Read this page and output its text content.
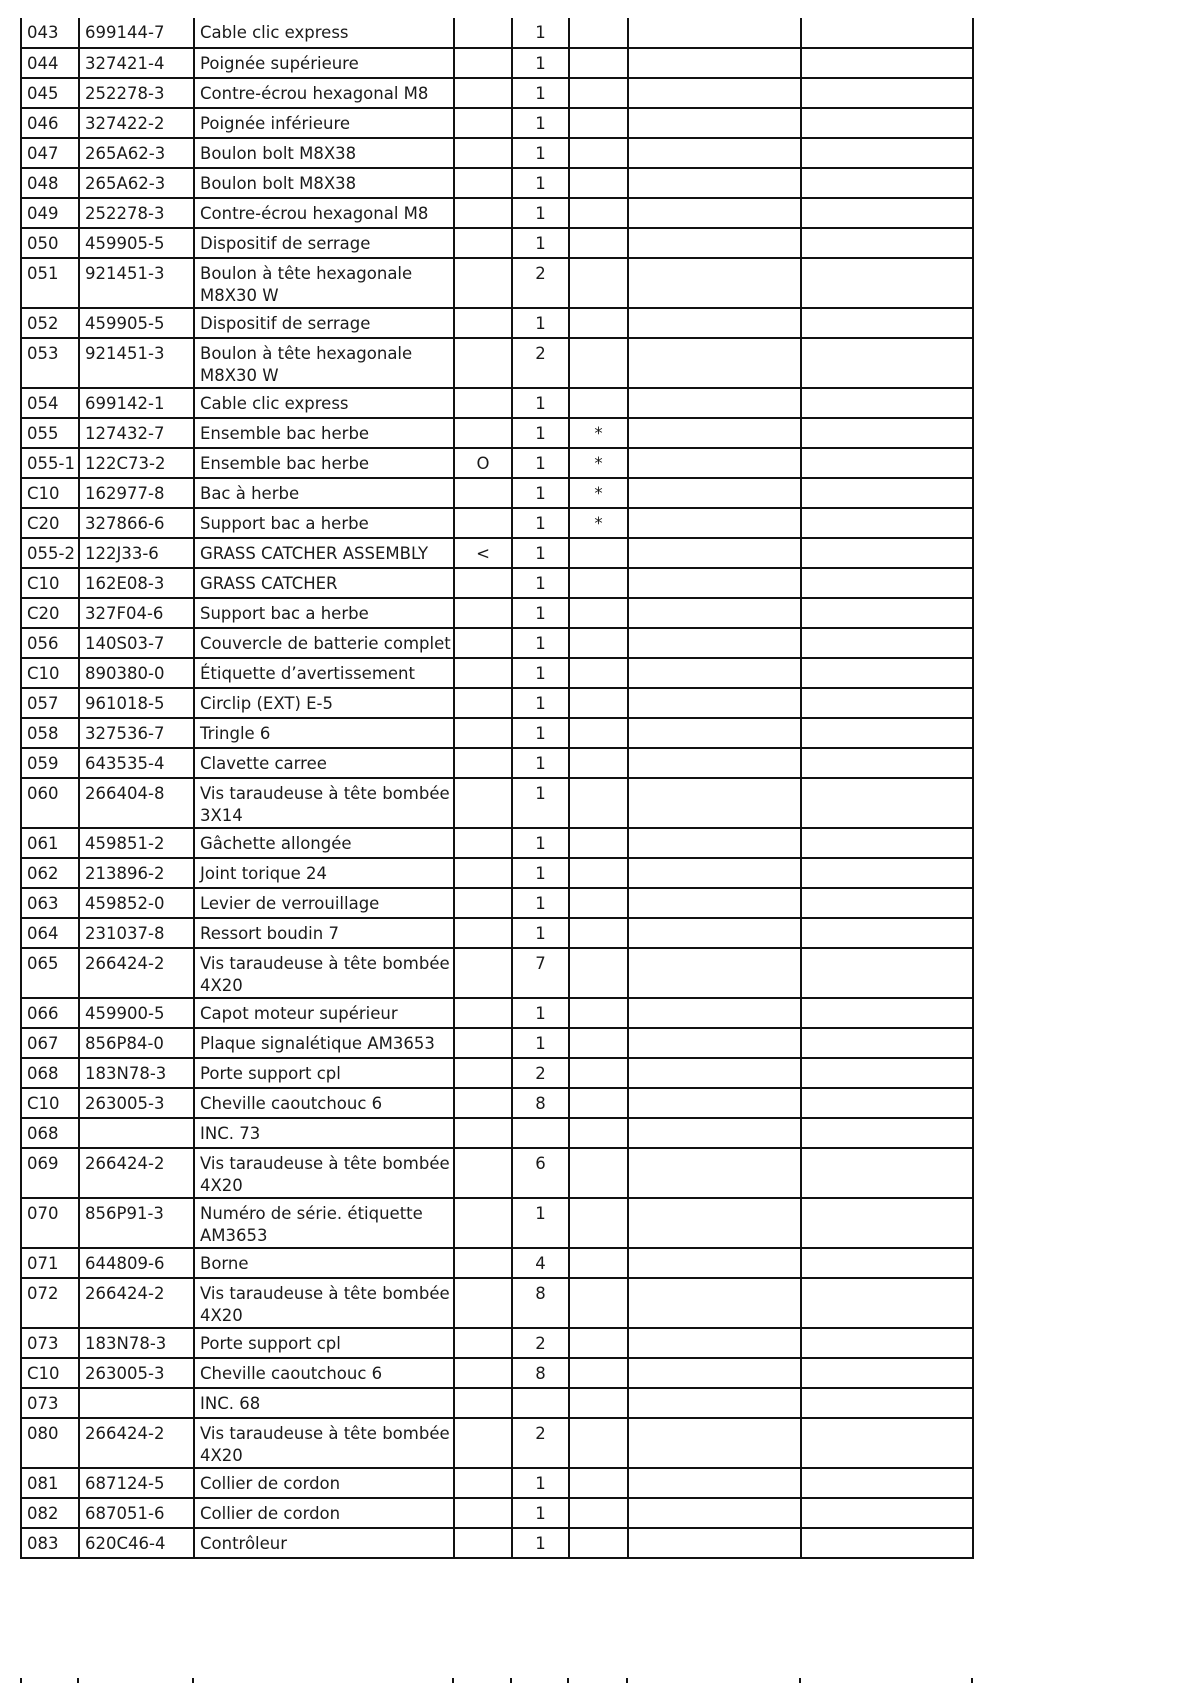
043	699144-7	Cable clic express		1			
044	327421-4	Poignée supérieure		1			
045	252278-3	Contre-écrou hexagonal M8		1			
046	327422-2	Poignée inférieure		1			
047	265A62-3	Boulon bolt M8X38		1			
048	265A62-3	Boulon bolt M8X38		1			
049	252278-3	Contre-écrou hexagonal M8		1			
050	459905-5	Dispositif de serrage		1			
051	921451-3	Boulon à tête hexagonale M8X30 W		2			
052	459905-5	Dispositif de serrage		1			
053	921451-3	Boulon à tête hexagonale M8X30 W		2			
054	699142-1	Cable clic express		1			
055	127432-7	Ensemble bac herbe		1	*		
055-1	122C73-2	Ensemble bac herbe	O	1	*		
C10	162977-8	Bac à herbe		1	*		
C20	327866-6	Support bac a herbe		1	*		
055-2	122J33-6	GRASS CATCHER ASSEMBLY	<	1			
C10	162E08-3	GRASS CATCHER		1			
C20	327F04-6	Support bac a herbe		1			
056	140S03-7	Couvercle de batterie complet		1			
C10	890380-0	Étiquette d’avertissement		1			
057	961018-5	Circlip (EXT) E-5		1			
058	327536-7	Tringle 6		1			
059	643535-4	Clavette carree		1			
060	266404-8	Vis taraudeuse à tête bombée 3X14		1			
061	459851-2	Gâchette allongée		1			
062	213896-2	Joint torique 24		1			
063	459852-0	Levier de verrouillage		1			
064	231037-8	Ressort boudin 7		1			
065	266424-2	Vis taraudeuse à tête bombée 4X20		7			
066	459900-5	Capot moteur supérieur		1			
067	856P84-0	Plaque signalétique AM3653		1			
068	183N78-3	Porte support cpl		2			
C10	263005-3	Cheville caoutchouc 6		8			
068		INC. 73					
069	266424-2	Vis taraudeuse à tête bombée 4X20		6			
070	856P91-3	Numéro de série. étiquette AM3653		1			
071	644809-6	Borne		4			
072	266424-2	Vis taraudeuse à tête bombée 4X20		8			
073	183N78-3	Porte support cpl		2			
C10	263005-3	Cheville caoutchouc 6		8			
073		INC. 68					
080	266424-2	Vis taraudeuse à tête bombée 4X20		2			
081	687124-5	Collier de cordon		1			
082	687051-6	Collier de cordon		1			
083	620C46-4	Contrôleur		1			
